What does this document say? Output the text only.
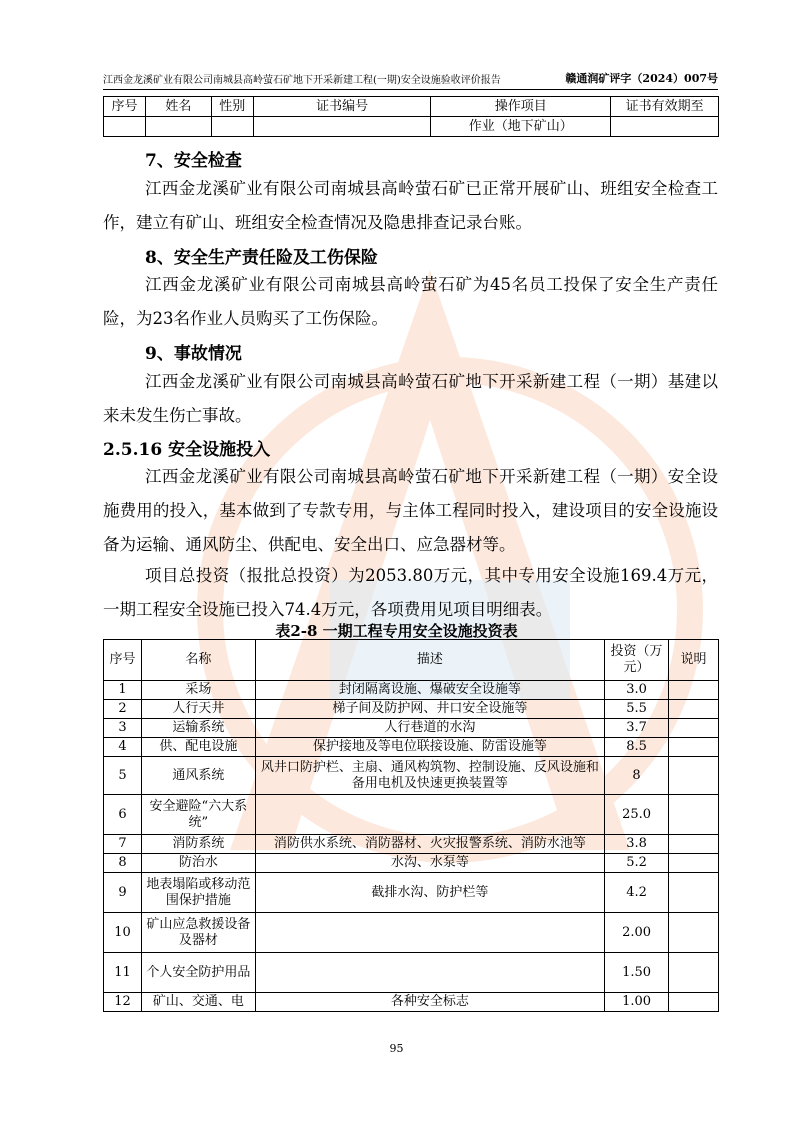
江西金龙溪矿业有限公司南城县高岭萤石矿地下开采新建工程(一期)安全设施验收评价报告	赣通润矿评字（2024）007号
序号	姓名	性别	证书编号	操作项目	证书有效期至
				作业（地下矿山）	
7、安全检查

江西金龙溪矿业有限公司南城县高岭萤石矿已正常开展矿山、班组安全检查工作，建立有矿山、班组安全检查情况及隐患排查记录台账。

8、安全生产责任险及工伤保险

江西金龙溪矿业有限公司南城县高岭萤石矿为45名员工投保了安全生产责任险，为23名作业人员购买了工伤保险。

9、事故情况

江西金龙溪矿业有限公司南城县高岭萤石矿地下开采新建工程（一期）基建以来未发生伤亡事故。

2.5.16 安全设施投入

江西金龙溪矿业有限公司南城县高岭萤石矿地下开采新建工程（一期）安全设施费用的投入，基本做到了专款专用，与主体工程同时投入，建设项目的安全设施设备为运输、通风防尘、供配电、安全出口、应急器材等。

项目总投资（报批总投资）为2053.80万元，其中专用安全设施169.4万元，一期工程安全设施已投入74.4万元，各项费用见项目明细表。

表2-8 一期工程专用安全设施投资表
序号	名称	描述	投资（万元）	说明
1	采场	封闭隔离设施、爆破安全设施等	3.0	
2	人行天井	梯子间及防护网、井口安全设施等	5.5	
3	运输系统	人行巷道的水沟	3.7	
4	供、配电设施	保护接地及等电位联接设施、防雷设施等	8.5	
5	通风系统	风井口防护栏、主扇、通风构筑物、控制设施、反风设施和备用电机及快速更换装置等	8	
6	安全避险“六大系统”		25.0	
7	消防系统	消防供水系统、消防器材、火灾报警系统、消防水池等	3.8	
8	防治水	水沟、水泵等	5.2	
9	地表塌陷或移动范围保护措施	截排水沟、防护栏等	4.2	
10	矿山应急救援设备及器材		2.00	
11	个人安全防护用品		1.50	
12	矿山、交通、电	各种安全标志	1.00	
95
